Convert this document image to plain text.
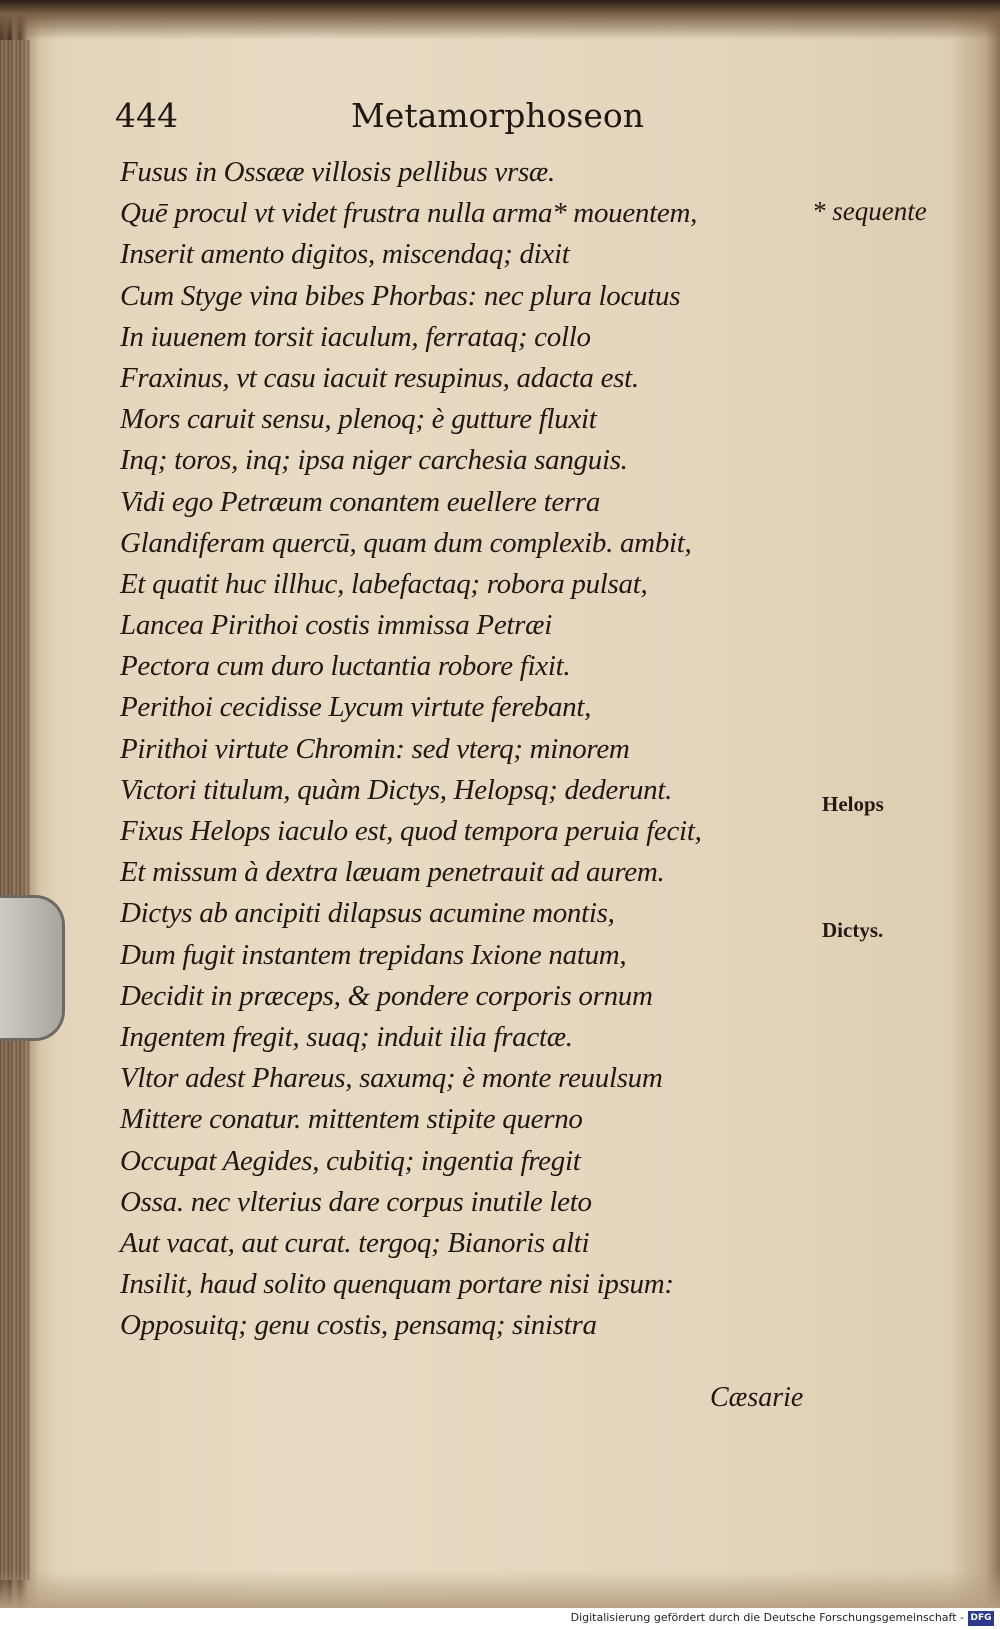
444	Metamorphoseon
Fusus in Ossææ villosis pellibus vrsæ.
Quē procul vt videt frustra nulla arma* mouentem,
Inserit amento digitos, miscendaq; dixit
Cum Styge vina bibes Phorbas: nec plura locutus
In iuuenem torsit iaculum, ferrataq; collo
Fraxinus, vt casu iacuit resupinus, adacta est.
Mors caruit sensu, plenoq; è gutture fluxit
Inq; toros, inq; ipsa niger carchesia sanguis.
Vidi ego Petræum conantem euellere terra
Glandiferam quercū, quam dum complexib. ambit,
Et quatit huc illhuc, labefactaq; robora pulsat,
Lancea Pirithoi costis immissa Petræi
Pectora cum duro luctantia robore fixit.
Perithoi cecidisse Lycum virtute ferebant,
Pirithoi virtute Chromin: sed vterq; minorem
Victori titulum, quàm Dictys, Helopsq; dederunt.
Fixus Helops iaculo est, quod tempora peruia fecit,
Et missum à dextra læuam penetrauit ad aurem.
Dictys ab ancipiti dilapsus acumine montis,
Dum fugit instantem trepidans Ixione natum,
Decidit in præceps, & pondere corporis ornum
Ingentem fregit, suaq; induit ilia fractæ.
Vltor adest Phareus, saxumq; è monte reuulsum
Mittere conatur. mittentem stipite querno
Occupat Aegides, cubitiq; ingentia fregit
Ossa. nec vlterius dare corpus inutile leto
Aut vacat, aut curat. tergoq; Bianoris alti
Insilit, haud solito quenquam portare nisi ipsum:
Opposuitq; genu costis, pensamq; sinistra
* sequente
Helops
Dictys.
Cæsarie
Digitalisierung gefördert durch die Deutsche Forschungsgemeinschaft - DFG
